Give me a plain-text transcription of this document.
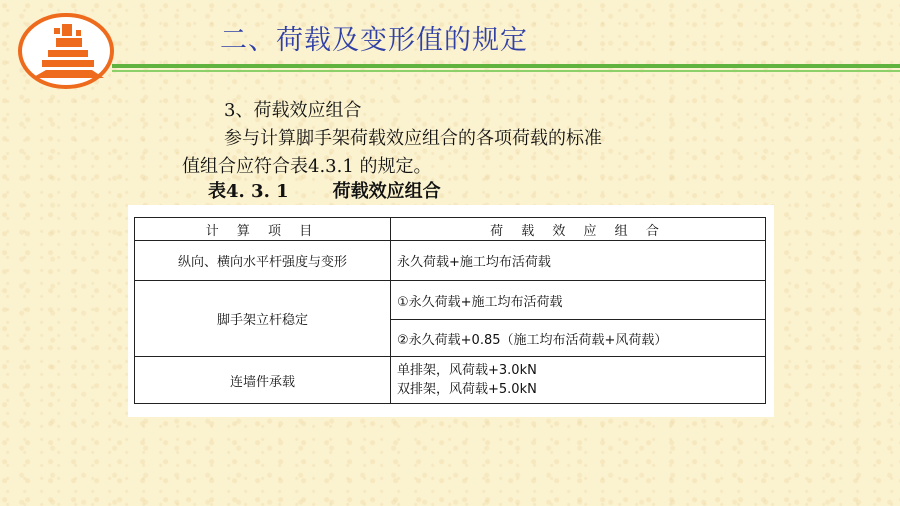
二、荷载及变形值的规定
3、荷载效应组合
参与计算脚手架荷载效应组合的各项荷载的标准
值组合应符合表4.3.1 的规定。
表4. 3. 1 荷载效应组合
计 算 项 目	荷 载 效 应 组 合
纵向、横向水平杆强度与变形	永久荷载+施工均布活荷载
脚手架立杆稳定	①永久荷载+施工均布活荷载
	②永久荷载+0.85（施工均布活荷载+风荷载）
连墙件承载	单排架，风荷载+3.0kN
双排架，风荷载+5.0kN
